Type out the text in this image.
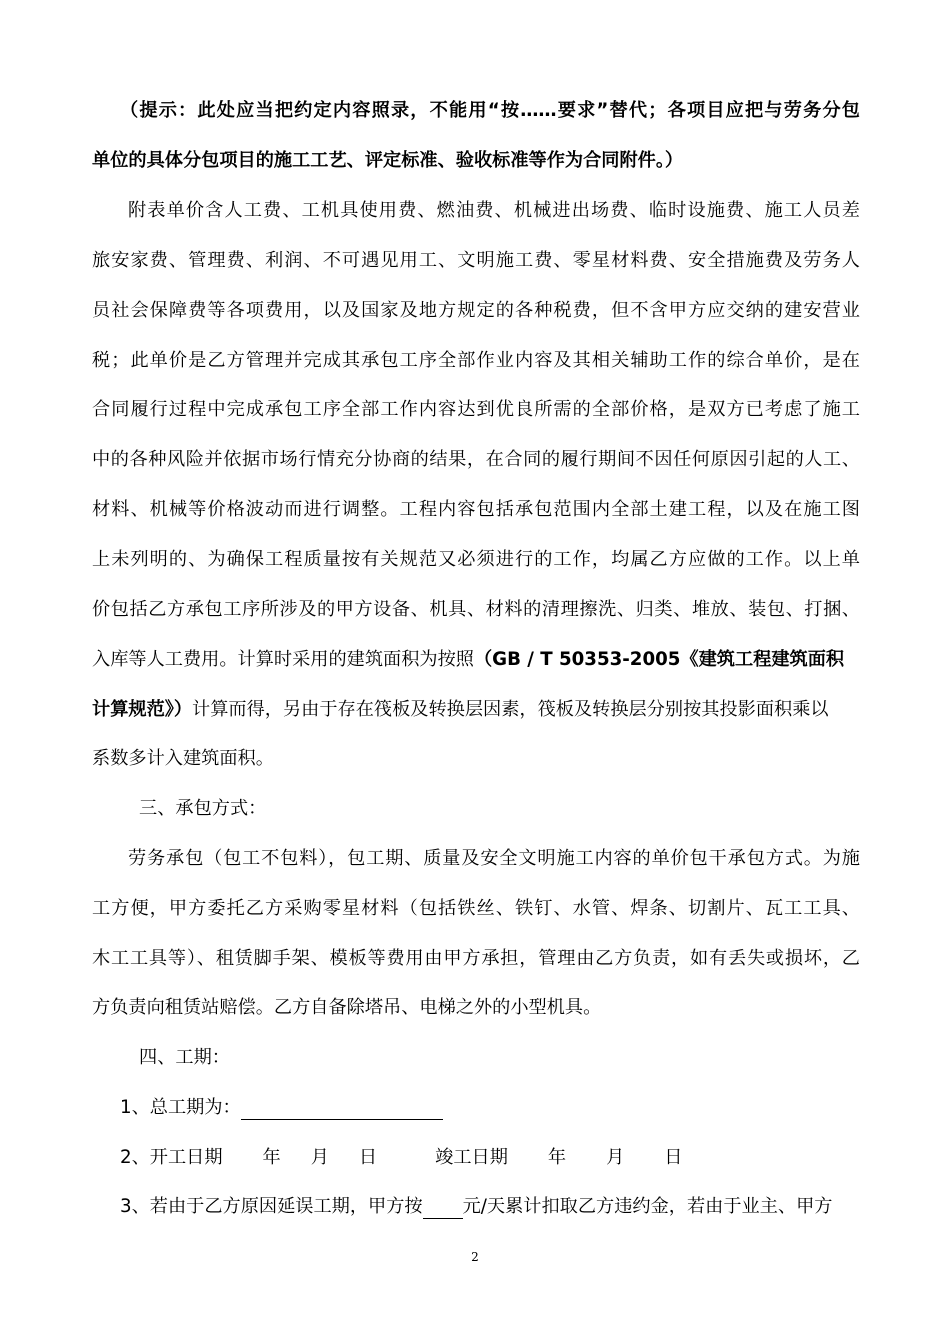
（提示：此处应当把约定内容照录，不能用“按……要求”替代；各项目应把与劳务分包
单位的具体分包项目的施工工艺、评定标准、验收标准等作为合同附件。）
附表单价含人工费、工机具使用费、燃油费、机械进出场费、临时设施费、施工人员差
旅安家费、管理费、利润、不可遇见用工、文明施工费、零星材料费、安全措施费及劳务人
员社会保障费等各项费用，以及国家及地方规定的各种税费，但不含甲方应交纳的建安营业
税；此单价是乙方管理并完成其承包工序全部作业内容及其相关辅助工作的综合单价，是在
合同履行过程中完成承包工序全部工作内容达到优良所需的全部价格，是双方已考虑了施工
中的各种风险并依据市场行情充分协商的结果，在合同的履行期间不因任何原因引起的人工、
材料、机械等价格波动而进行调整。工程内容包括承包范围内全部土建工程，以及在施工图
上未列明的、为确保工程质量按有关规范又必须进行的工作，均属乙方应做的工作。以上单
价包括乙方承包工序所涉及的甲方设备、机具、材料的清理擦洗、归类、堆放、装包、打捆、
入库等人工费用。计算时采用的建筑面积为按照（GB / T 50353-2005《建筑工程建筑面积
计算规范》）计算而得，另由于存在筏板及转换层因素，筏板及转换层分别按其投影面积乘以
系数多计入建筑面积。
三、承包方式：
劳务承包（包工不包料），包工期、质量及安全文明施工内容的单价包干承包方式。为施
工方便，甲方委托乙方采购零星材料（包括铁丝、铁钉、水管、焊条、切割片、瓦工工具、
木工工具等）、租赁脚手架、模板等费用由甲方承担，管理由乙方负责，如有丢失或损坏，乙
方负责向租赁站赔偿。乙方自备除塔吊、电梯之外的小型机具。
四、工期：
1、总工期为：
2、开工日期 年 月 日	竣工日期 年 月 日
3、若由于乙方原因延误工期，甲方按 元/天累计扣取乙方违约金，若由于业主、甲方
2
